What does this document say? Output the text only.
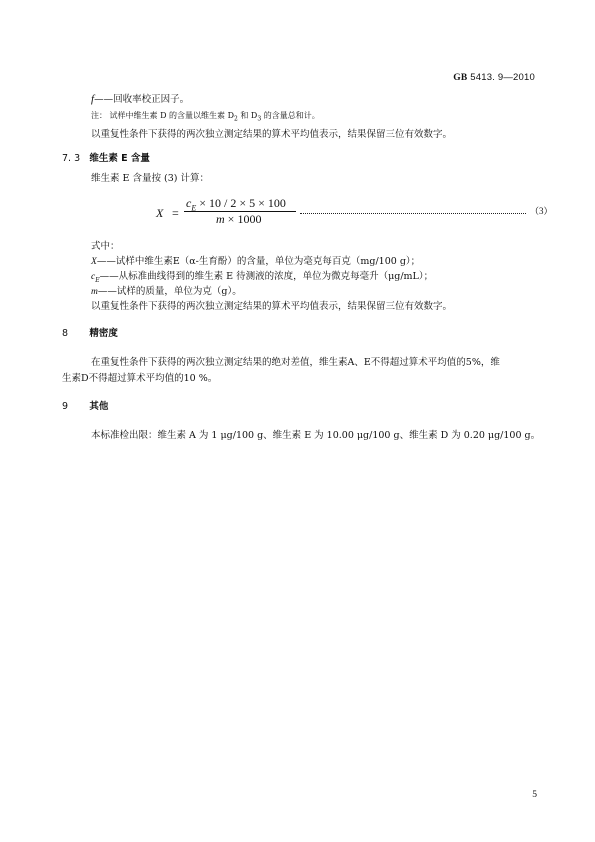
GB 5413. 9—2010
f——回收率校正因子。
注： 试样中维生素 D 的含量以维生素 $D_2$ 和 $D_3$ 的含量总和计。
以重复性条件下获得的两次独立测定结果的算术平均值表示，结果保留三位有效数字。
7. 3 维生素 E 含量
维生素 E 含量按 (3) 计算：
X =
$c_E \times 10 / 2 \times 5 \times 100$
m × 1000
（3）
式中：
X——试样中维生素E（α-生育酚）的含量，单位为毫克每百克（mg/100 g）；
$c_E——$从标准曲线得到的维生素 E 待测液的浓度，单位为微克每毫升（μg/mL）；
m——试样的质量，单位为克（g）。
以重复性条件下获得的两次独立测定结果的算术平均值表示，结果保留三位有效数字。
8 精密度
在重复性条件下获得的两次独立测定结果的绝对差值，维生素A、E不得超过算术平均值的5%，维
生素D不得超过算术平均值的10 %。
9 其他
本标准检出限：维生素 A 为 1 μg/100 g、维生素 E 为 10.00 μg/100 g、维生素 D 为 0.20 μg/100 g。
5
